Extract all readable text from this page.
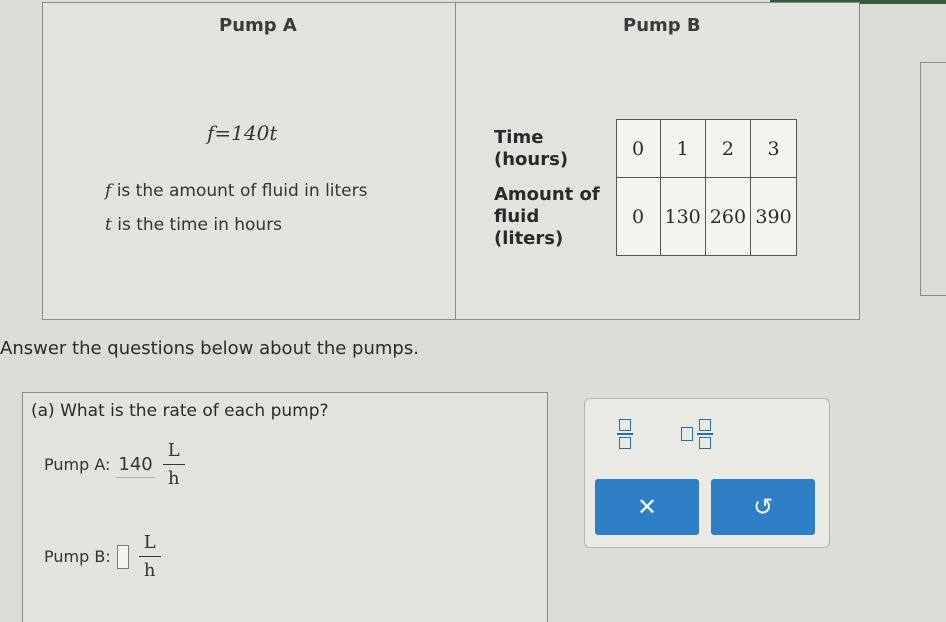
Pump A	Pump B
f=140t
f is the amount of fluid in liters
t is the time in hours
Time (hours)	0	1	2	3
Amount of fluid (liters)	0	130	260	390
Answer the questions below about the pumps.
(a) What is the rate of each pump?
Pump A: $140 \frac{L}{h}$
Pump B: $\frac{L}{h}$
✕	↺
